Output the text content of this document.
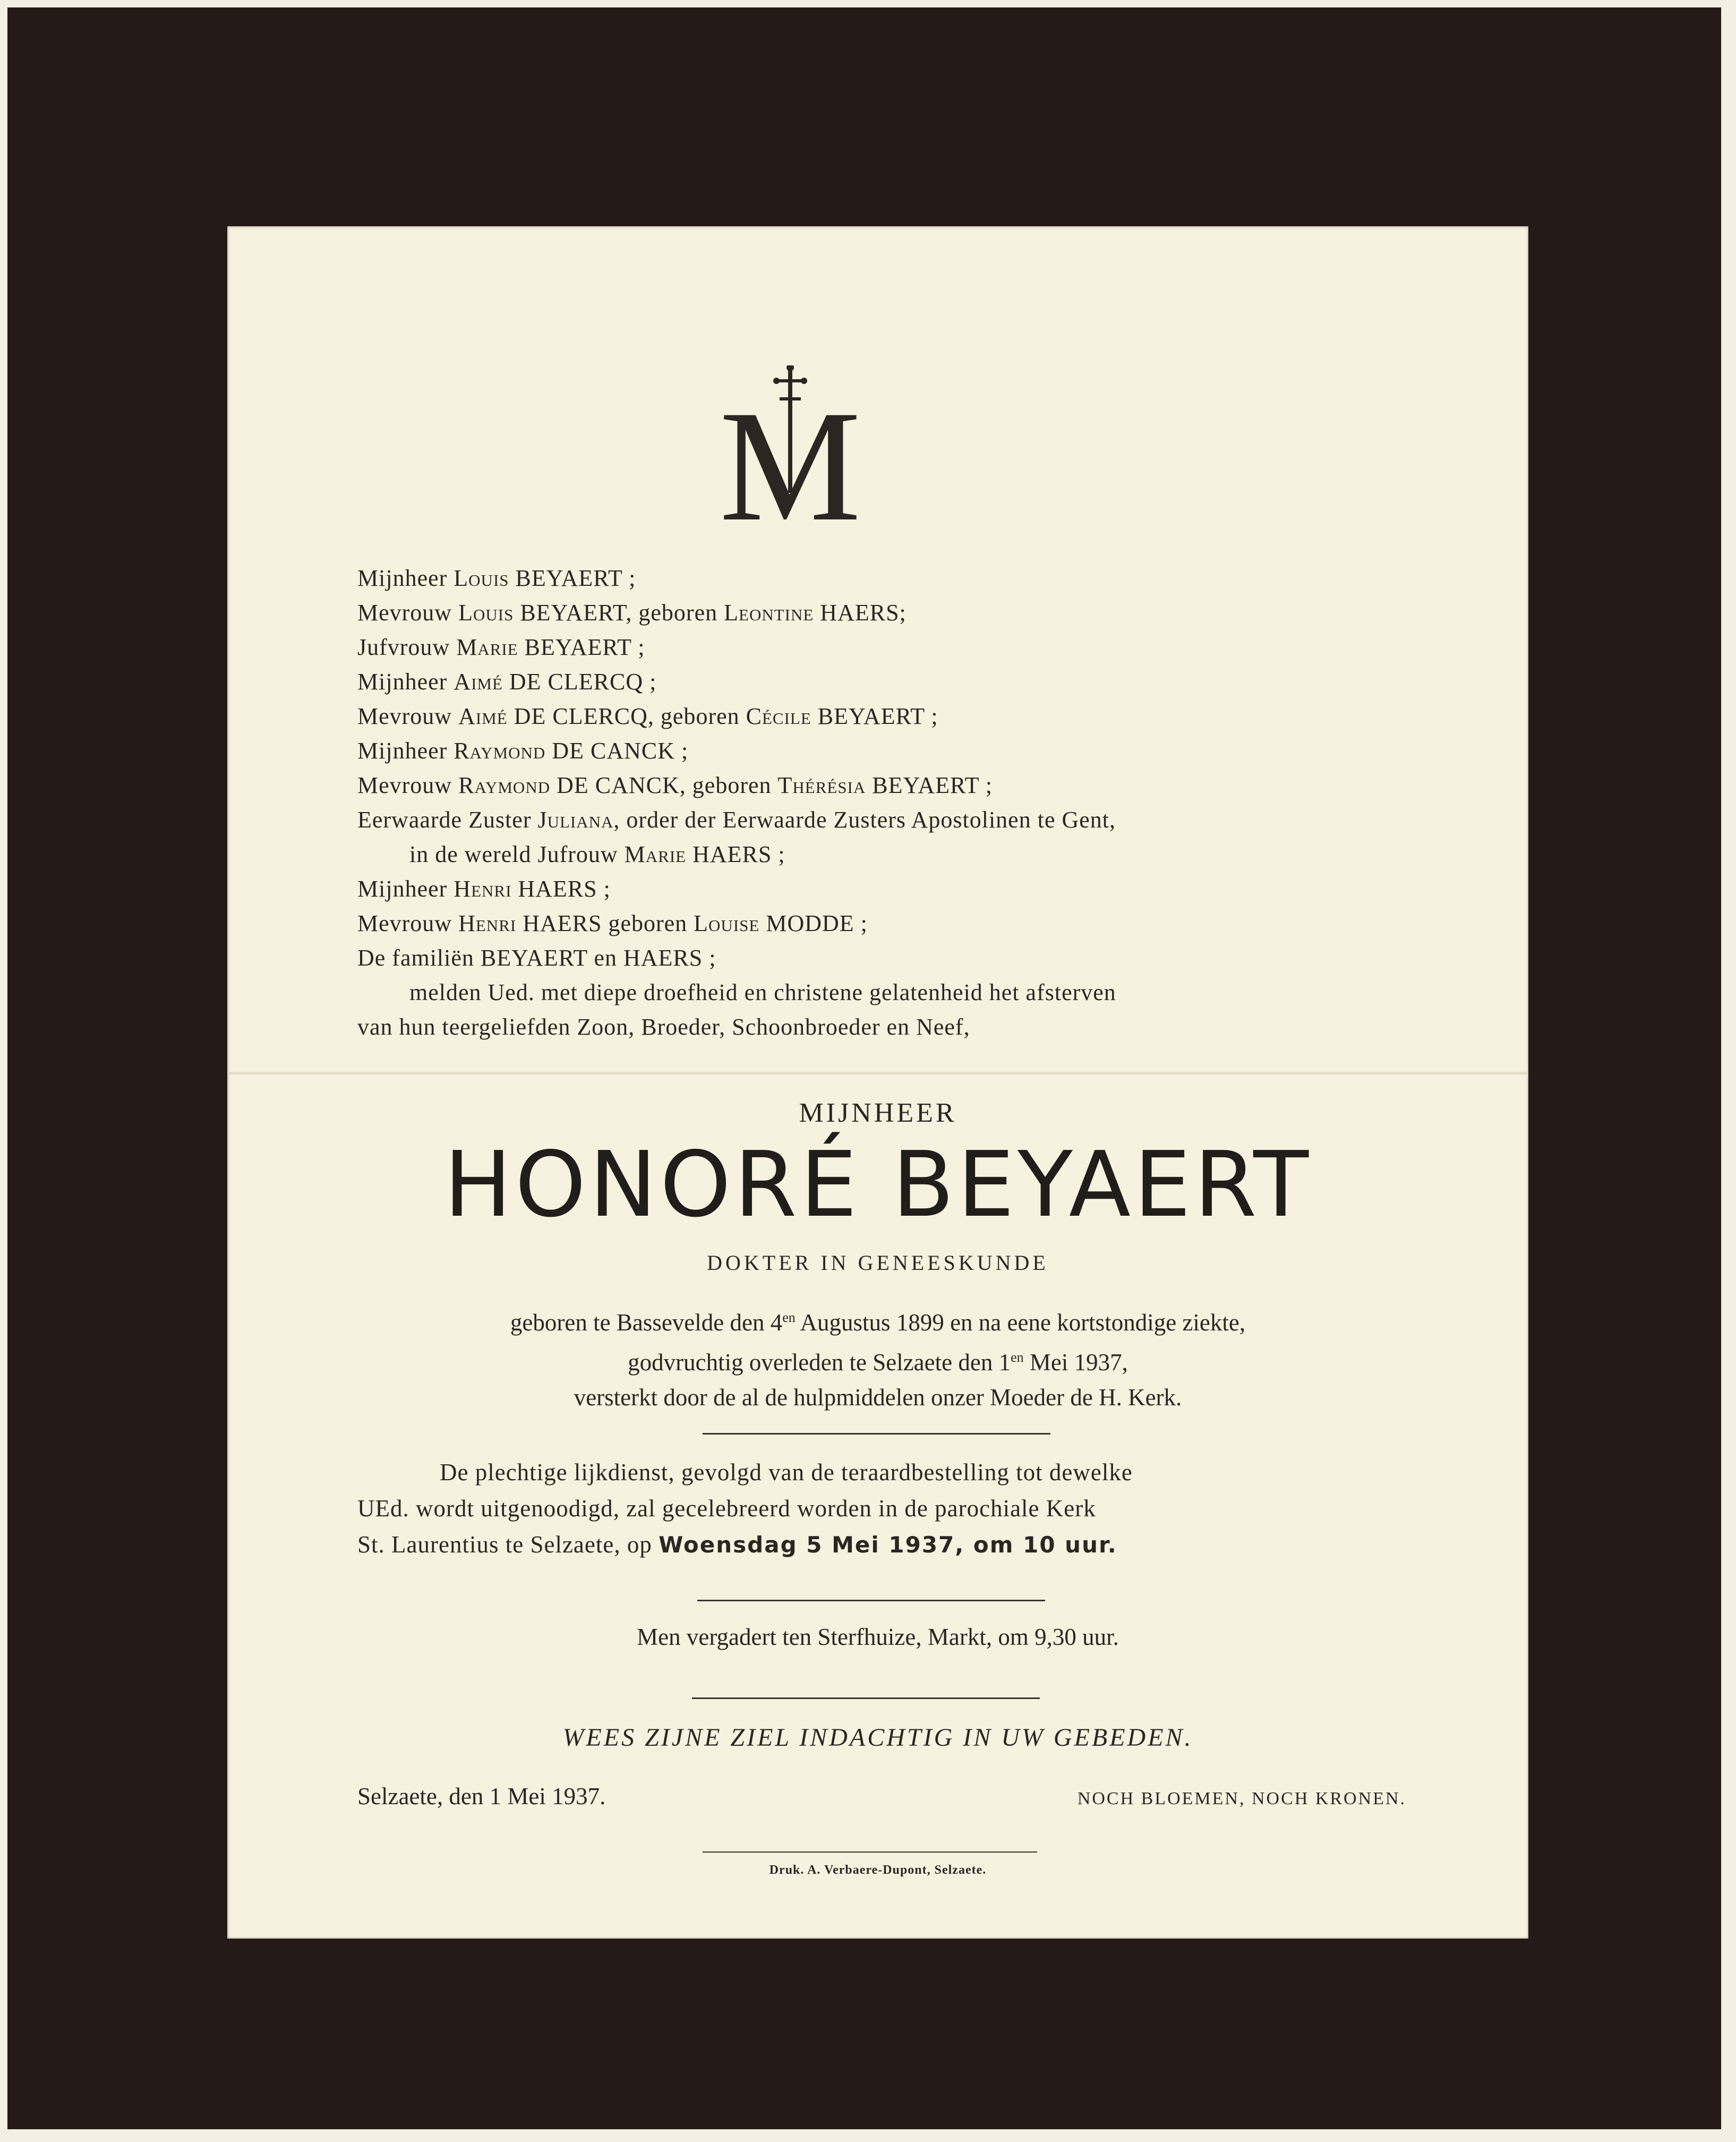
M
Mijnheer Louis BEYAERT ;
Mevrouw Louis BEYAERT, geboren Leontine HAERS;
Jufvrouw Marie BEYAERT ;
Mijnheer Aimé DE CLERCQ ;
Mevrouw Aimé DE CLERCQ, geboren Cécile BEYAERT ;
Mijnheer Raymond DE CANCK ;
Mevrouw Raymond DE CANCK, geboren Thérésia BEYAERT ;
Eerwaarde Zuster Juliana, order der Eerwaarde Zusters Apostolinen te Gent,
in de wereld Jufrouw Marie HAERS ;
Mijnheer Henri HAERS ;
Mevrouw Henri HAERS geboren Louise MODDE ;
De familiën BEYAERT en HAERS ;
melden Ued. met diepe droefheid en christene gelatenheid het afsterven
van hun teergeliefden Zoon, Broeder, Schoonbroeder en Neef,
MIJNHEER
HONORÉ BEYAERT
DOKTER IN GENEESKUNDE
geboren te Bassevelde den $4^{en}$ Augustus 1899 en na eene kortstondige ziekte,
godvruchtig overleden te Selzaete den $1^{en}$ Mei 1937,
versterkt door de al de hulpmiddelen onzer Moeder de H. Kerk.
De plechtige lijkdienst, gevolgd van de teraardbestelling tot dewelke
UEd. wordt uitgenoodigd, zal gecelebreerd worden in de parochiale Kerk
St. Laurentius te Selzaete, op Woensdag 5 Mei 1937, om 10 uur.
Men vergadert ten Sterfhuize, Markt, om 9,30 uur.
WEES ZIJNE ZIEL INDACHTIG IN UW GEBEDEN.
Selzaete, den 1 Mei 1937.	NOCH BLOEMEN, NOCH KRONEN.
Druk. A. Verbaere-Dupont, Selzaete.
